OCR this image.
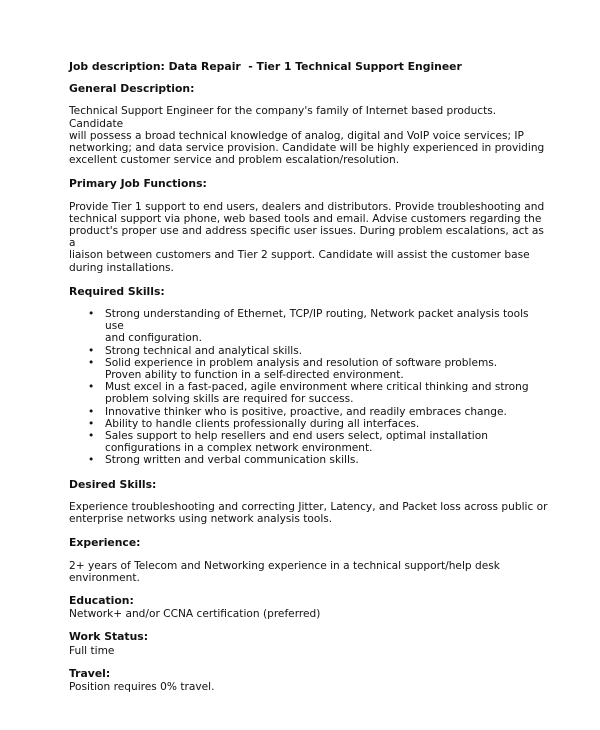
Job description: Data Repair  - Tier 1 Technical Support Engineer
General Description:
Technical Support Engineer for the company's family of Internet based products. Candidate
will possess a broad technical knowledge of analog, digital and VoIP voice services; IP
networking; and data service provision. Candidate will be highly experienced in providing
excellent customer service and problem escalation/resolution.
Primary Job Functions:
Provide Tier 1 support to end users, dealers and distributors. Provide troubleshooting and
technical support via phone, web based tools and email. Advise customers regarding the
product's proper use and address specific user issues. During problem escalations, act as a
liaison between customers and Tier 2 support. Candidate will assist the customer base
during installations.
Required Skills:
• Strong understanding of Ethernet, TCP/IP routing, Network packet analysis tools use
and configuration.
• Strong technical and analytical skills.
• Solid experience in problem analysis and resolution of software problems.
Proven ability to function in a self-directed environment.
• Must excel in a fast-paced, agile environment where critical thinking and strong
problem solving skills are required for success.
• Innovative thinker who is positive, proactive, and readily embraces change.
• Ability to handle clients professionally during all interfaces.
• Sales support to help resellers and end users select, optimal installation
configurations in a complex network environment.
• Strong written and verbal communication skills.
Desired Skills:
Experience troubleshooting and correcting Jitter, Latency, and Packet loss across public or
enterprise networks using network analysis tools.
Experience:
2+ years of Telecom and Networking experience in a technical support/help desk
environment.
Education:
Network+ and/or CCNA certification (preferred)
Work Status:
Full time
Travel:
Position requires 0% travel.
